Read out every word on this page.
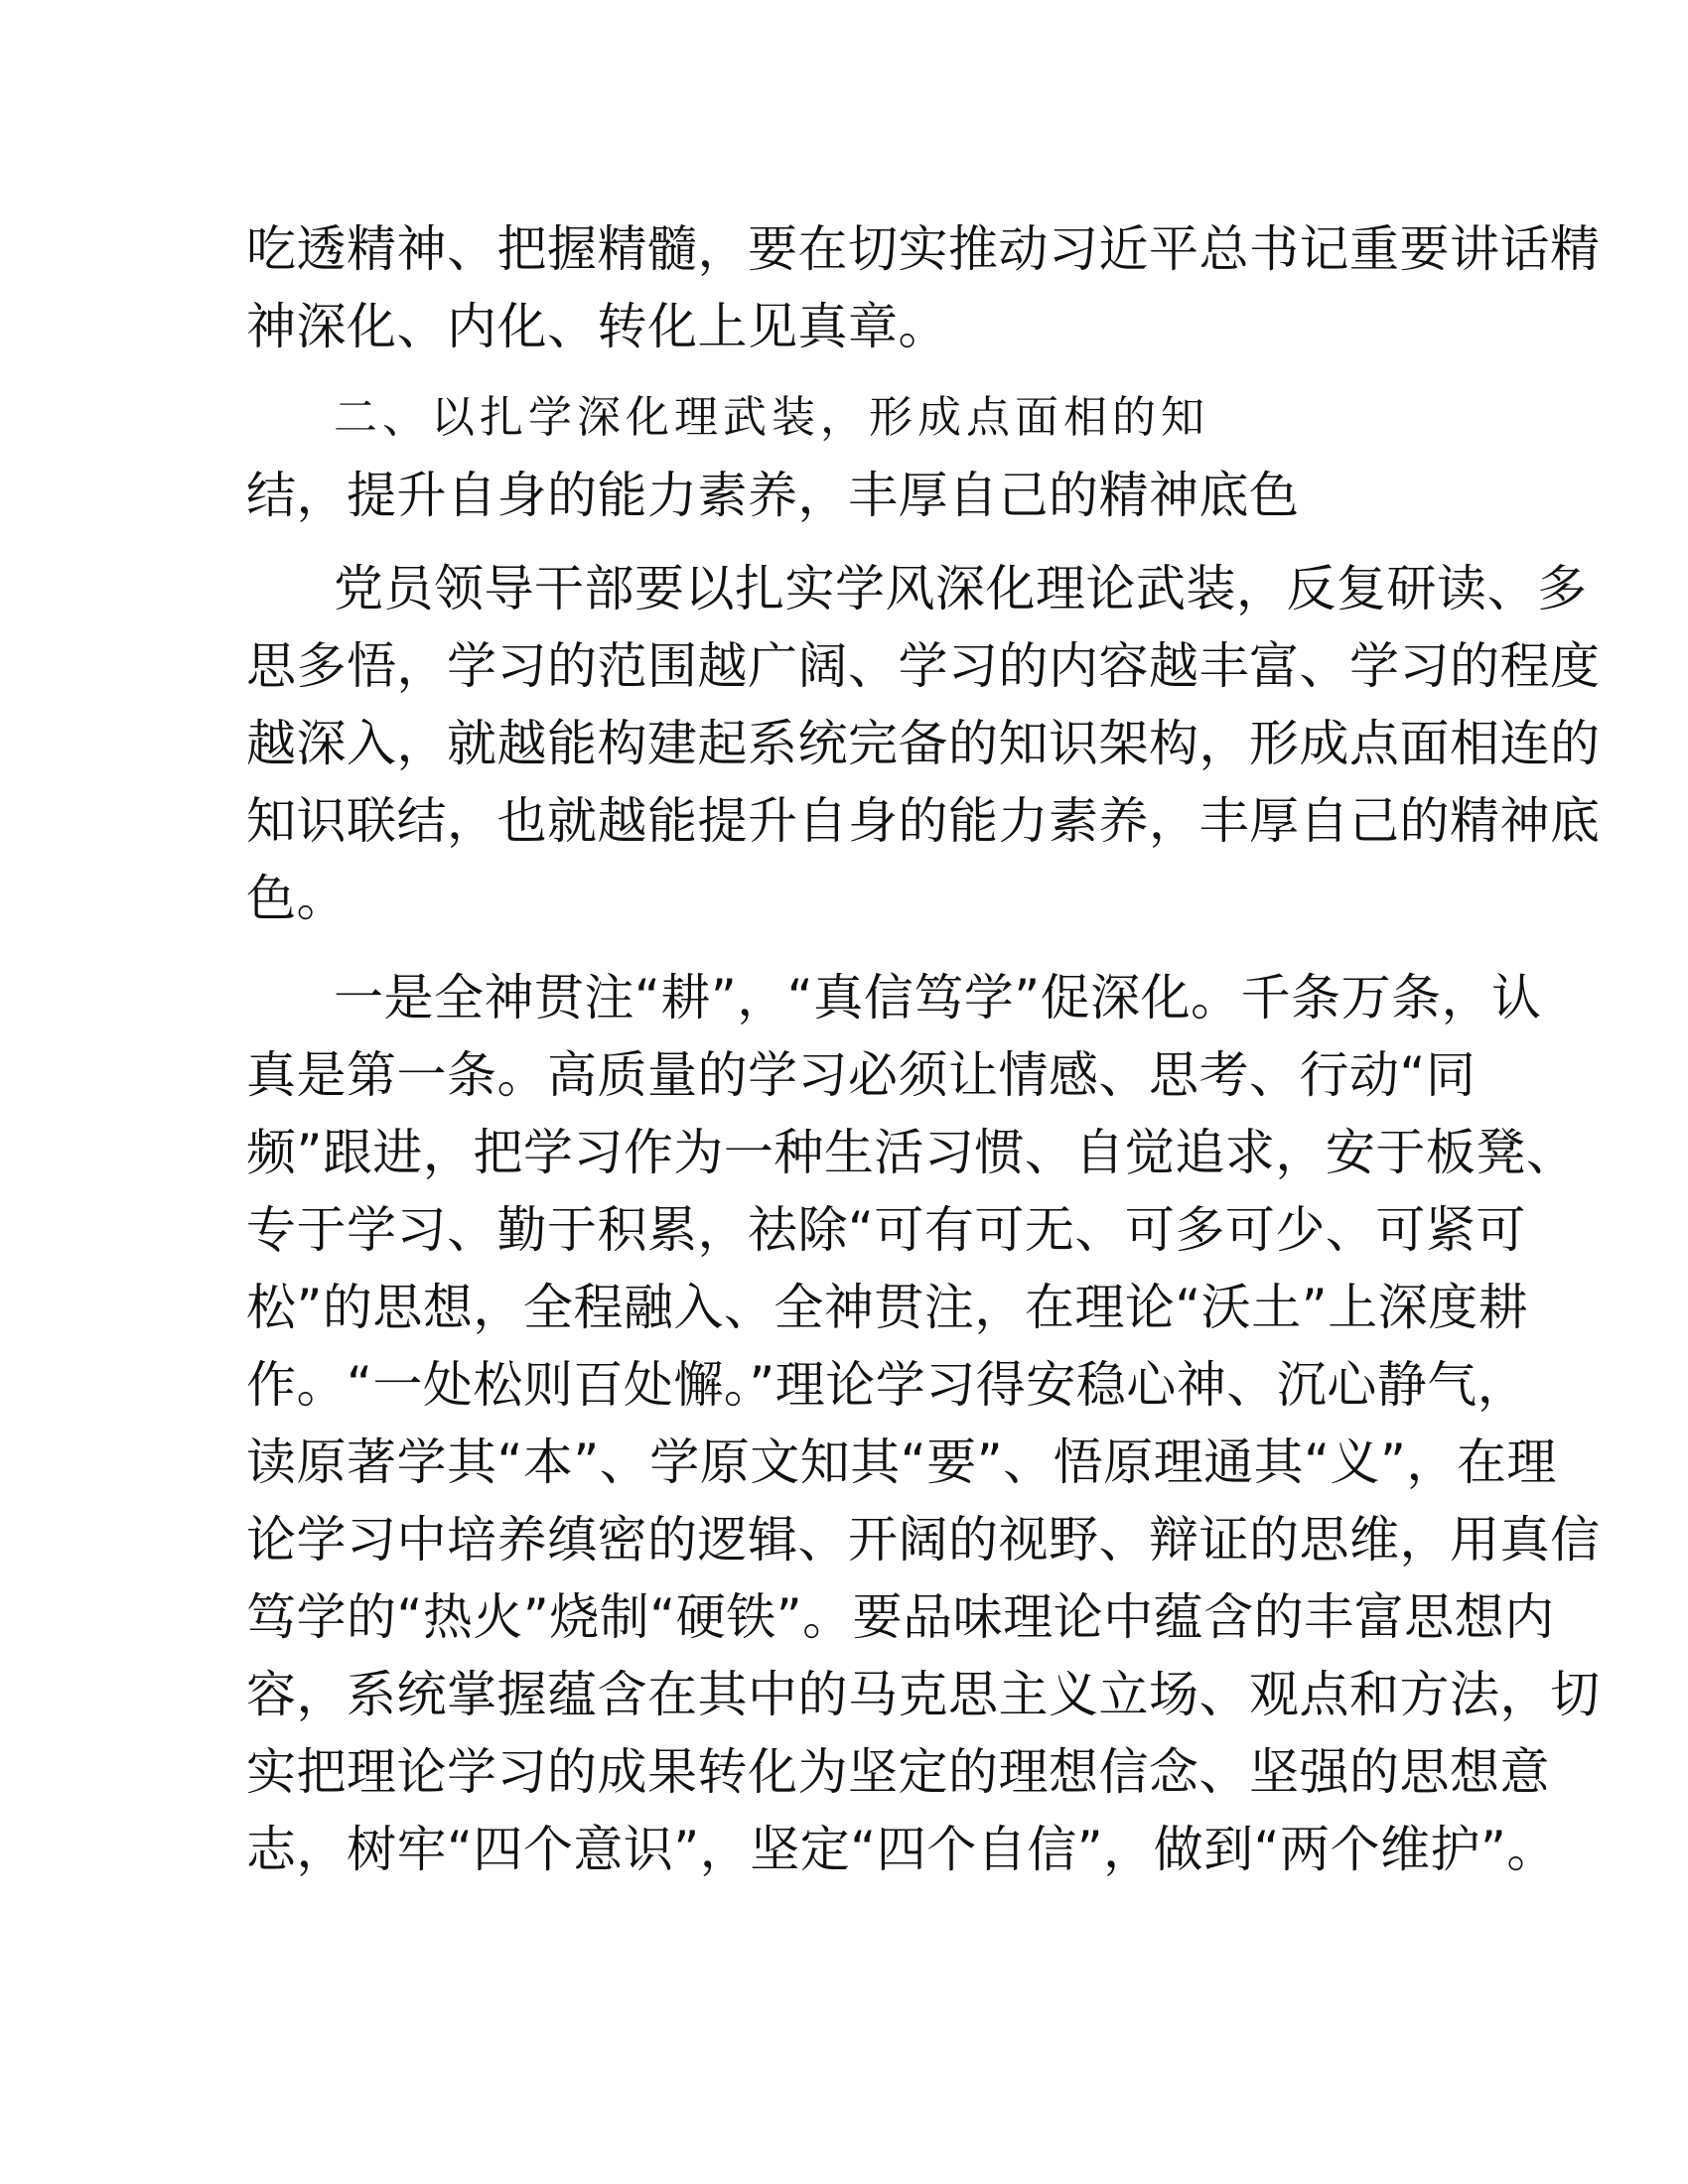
吃透精神、把握精髓，要在切实推动习近平总书记重要讲话精
神深化、内化、转化上见真章。
二、以扎学深化理武装，形成点面相的知
结，提升自身的能力素养，丰厚自己的精神底色
党员领导干部要以扎实学风深化理论武装，反复研读、多
思多悟，学习的范围越广阔、学习的内容越丰富、学习的程度
越深入，就越能构建起系统完备的知识架构，形成点面相连的
知识联结，也就越能提升自身的能力素养，丰厚自己的精神底
色。
一是全神贯注“耕”，“真信笃学”促深化。千条万条，认
真是第一条。高质量的学习必须让情感、思考、行动“同
频”跟进，把学习作为一种生活习惯、自觉追求，安于板凳、
专于学习、勤于积累，祛除“可有可无、可多可少、可紧可
松”的思想，全程融入、全神贯注，在理论“沃土”上深度耕
作。“一处松则百处懈。”理论学习得安稳心神、沉心静气，
读原著学其“本”、学原文知其“要”、悟原理通其“义”，在理
论学习中培养缜密的逻辑、开阔的视野、辩证的思维，用真信
笃学的“热火”烧制“硬铁”。要品味理论中蕴含的丰富思想内
容，系统掌握蕴含在其中的马克思主义立场、观点和方法，切
实把理论学习的成果转化为坚定的理想信念、坚强的思想意
志，树牢“四个意识”，坚定“四个自信”，做到“两个维护”。
